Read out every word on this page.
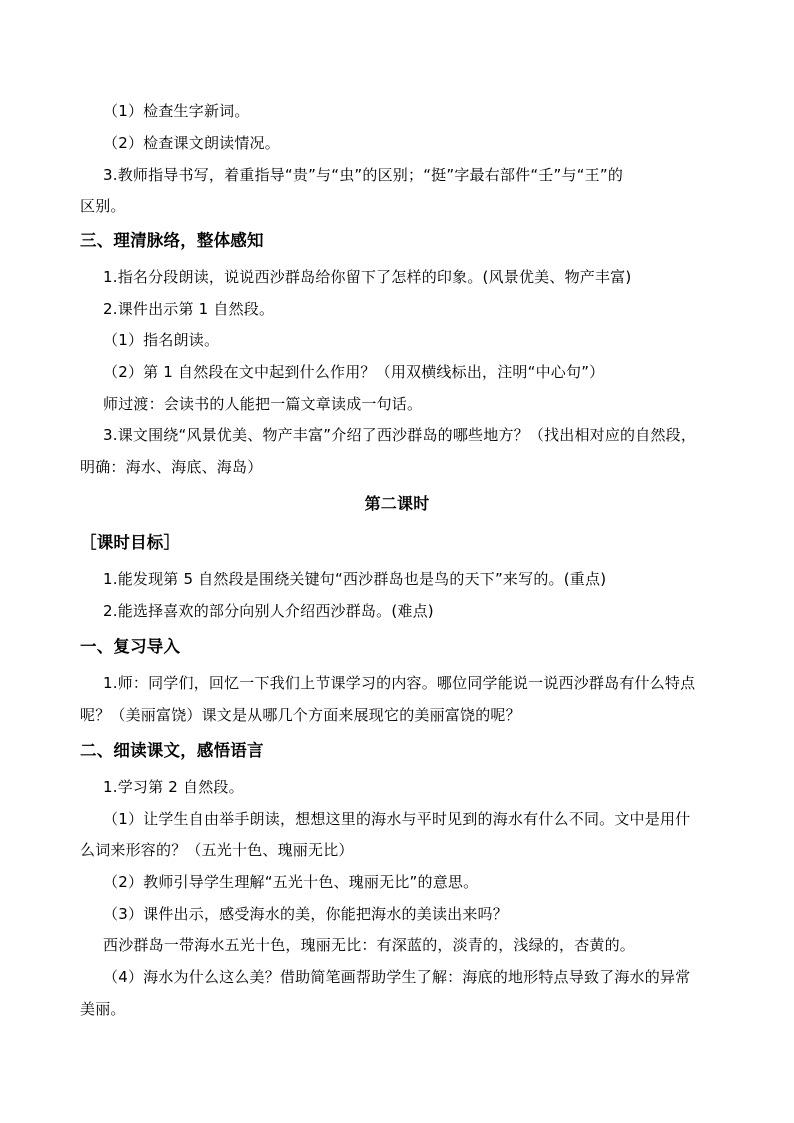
（1）检查生字新词。
（2）检查课文朗读情况。
3.教师指导书写，着重指导“贵”与“虫”的区别；“挺”字最右部件“壬”与“王”的
区别。
三、理清脉络，整体感知
1.指名分段朗读，说说西沙群岛给你留下了怎样的印象。(风景优美、物产丰富)
2.课件出示第 1 自然段。
（1）指名朗读。
（2）第 1 自然段在文中起到什么作用？（用双横线标出，注明“中心句”）
师过渡：会读书的人能把一篇文章读成一句话。
3.课文围绕“风景优美、物产丰富”介绍了西沙群岛的哪些地方？（找出相对应的自然段，
明确：海水、海底、海岛）
第二课时
［课时目标］
1.能发现第 5 自然段是围绕关键句“西沙群岛也是鸟的天下”来写的。(重点)
2.能选择喜欢的部分向别人介绍西沙群岛。(难点)
一、复习导入
1.师：同学们，回忆一下我们上节课学习的内容。哪位同学能说一说西沙群岛有什么特点
呢？（美丽富饶）课文是从哪几个方面来展现它的美丽富饶的呢？
二、细读课文，感悟语言
1.学习第 2 自然段。
（1）让学生自由举手朗读，想想这里的海水与平时见到的海水有什么不同。文中是用什
么词来形容的？（五光十色、瑰丽无比）
（2）教师引导学生理解“五光十色、瑰丽无比”的意思。
（3）课件出示，感受海水的美，你能把海水的美读出来吗？
西沙群岛一带海水五光十色，瑰丽无比：有深蓝的，淡青的，浅绿的，杏黄的。
（4）海水为什么这么美？借助简笔画帮助学生了解：海底的地形特点导致了海水的异常
美丽。
